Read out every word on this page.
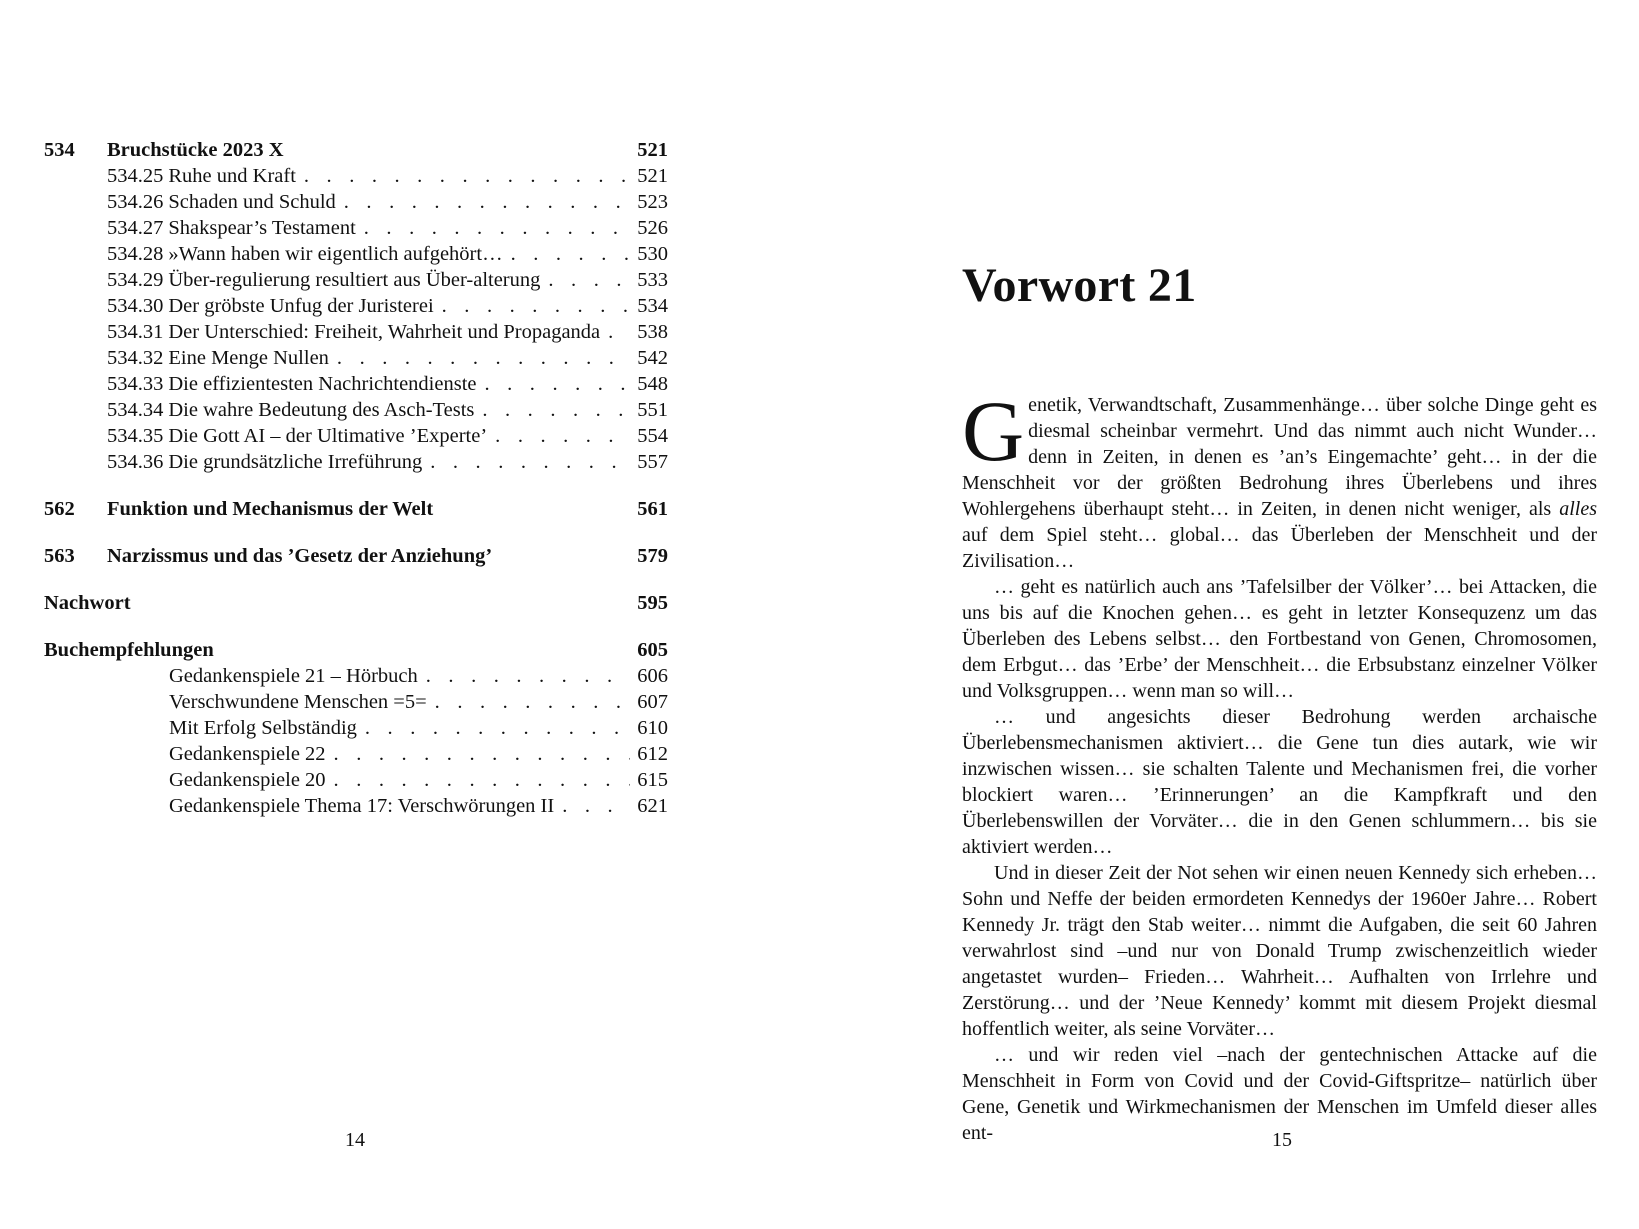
534	Bruchstücke 2023 X	521
534.25 Ruhe und Kraft . . .	521
534.26 Schaden und Schuld . . .	523
534.27 Shakspear’s Testament . . .	526
534.28 »Wann haben wir eigentlich aufgehört… . . .	530
534.29 Über-regulierung resultiert aus Über-alterung . . .	533
534.30 Der gröbste Unfug der Juristerei . . .	534
534.31 Der Unterschied: Freiheit, Wahrheit und Propaganda . . . 538
534.32 Eine Menge Nullen . . .	542
534.33 Die effizientesten Nachrichtendienste . . .	548
534.34 Die wahre Bedeutung des Asch-Tests . . .	551
534.35 Die Gott AI – der Ultimative ’Experte’ . . .	554
534.36 Die grundsätzliche Irreführung . . .	557
562	Funktion und Mechanismus der Welt	561
563	Narzissmus und das ’Gesetz der Anziehung’	579
Nachwort	595
Buchempfehlungen	605
Gedankenspiele 21 – Hörbuch . . .	606
Verschwundene Menschen =5= . . .	607
Mit Erfolg Selbständig . . .	610
Gedankenspiele 22 . . .	612
Gedankenspiele 20 . . .	615
Gedankenspiele Thema 17: Verschwörungen II . . .	621
14
Vorwort 21

Genetik, Verwandtschaft, Zusammenhänge… über solche Dinge geht es diesmal scheinbar vermehrt. Und das nimmt auch nicht Wunder… denn in Zeiten, in denen es ’an’s Eingemachte’ geht… in der die Menschheit vor der größten Bedrohung ihres Überlebens und ihres Wohlergehens überhaupt steht… in Zeiten, in denen nicht weniger, als alles auf dem Spiel steht… global… das Überleben der Menschheit und der Zivilisation…

… geht es natürlich auch ans ’Tafelsilber der Völker’… bei Attacken, die uns bis auf die Knochen gehen… es geht in letzter Konsequzenz um das Überleben des Lebens selbst… den Fortbestand von Genen, Chromosomen, dem Erbgut… das ’Erbe’ der Menschheit… die Erbsubstanz einzelner Völker und Volksgruppen… wenn man so will…

… und angesichts dieser Bedrohung werden archaische Überlebensmechanismen aktiviert… die Gene tun dies autark, wie wir inzwischen wissen… sie schalten Talente und Mechanismen frei, die vorher blockiert waren… ’Erinnerungen’ an die Kampfkraft und den Überlebenswillen der Vorväter… die in den Genen schlummern… bis sie aktiviert werden…

Und in dieser Zeit der Not sehen wir einen neuen Kennedy sich erheben… Sohn und Neffe der beiden ermordeten Kennedys der 1960er Jahre… Robert Kennedy Jr. trägt den Stab weiter… nimmt die Aufgaben, die seit 60 Jahren verwahrlost sind –und nur von Donald Trump zwischenzeitlich wieder angetastet wurden– Frieden… Wahrheit… Aufhalten von Irrlehre und Zerstörung… und der ’Neue Kennedy’ kommt mit diesem Projekt diesmal hoffentlich weiter, als seine Vorväter…

… und wir reden viel –nach der gentechnischen Attacke auf die Menschheit in Form von Covid und der Covid-Giftspritze– natürlich über Gene, Genetik und Wirkmechanismen der Menschen im Umfeld dieser alles ent-	15
